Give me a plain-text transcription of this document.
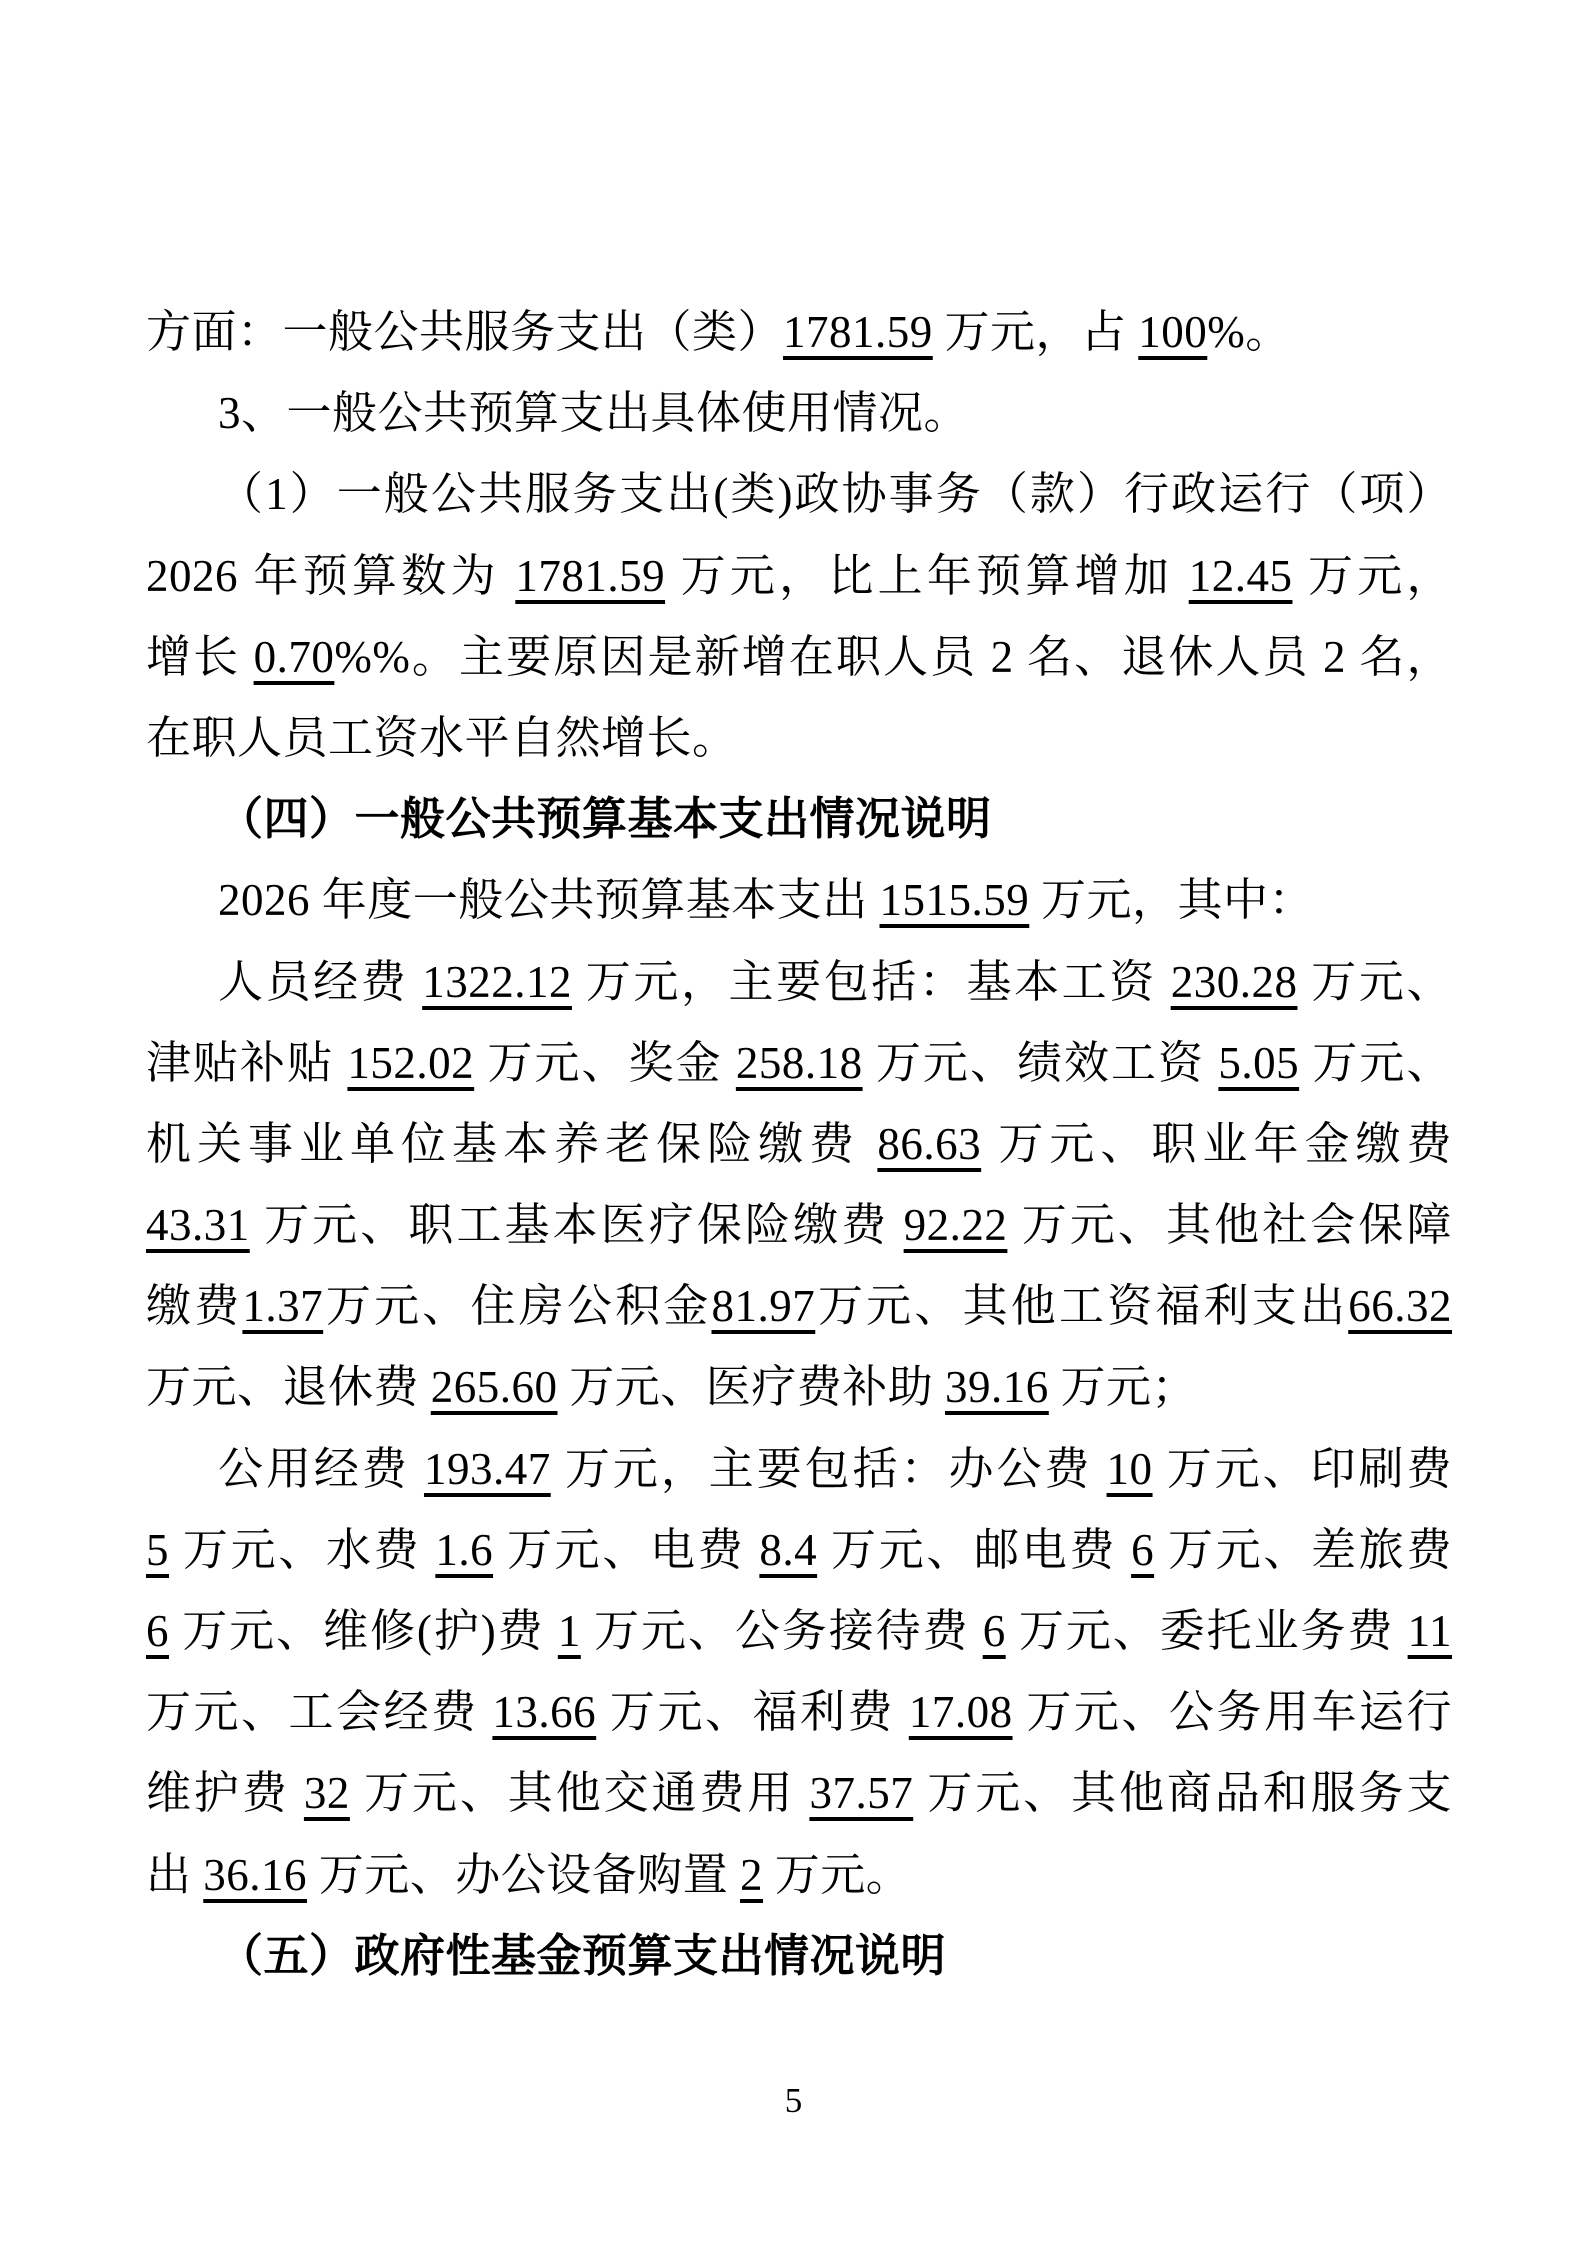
方面：一般公共服务支出（类）1781.59 万元，占 100%。
3、一般公共预算支出具体使用情况。
（1）一般公共服务支出(类)政协事务（款）行政运行（项）
2026 年预算数为 1781.59 万元，比上年预算增加 12.45 万元，
增长 0.70%%。主要原因是新增在职人员 2 名、退休人员 2 名，
在职人员工资水平自然增长。
（四）一般公共预算基本支出情况说明
2026 年度一般公共预算基本支出 1515.59 万元，其中：
人员经费 1322.12 万元，主要包括：基本工资 230.28 万元、
津贴补贴 152.02 万元、奖金 258.18 万元、绩效工资 5.05 万元、
机关事业单位基本养老保险缴费 86.63 万元、职业年金缴费
43.31 万元、职工基本医疗保险缴费 92.22 万元、其他社会保障
缴费1.37万元、住房公积金81.97万元、其他工资福利支出66.32
万元、退休费 265.60 万元、医疗费补助 39.16 万元；
公用经费 193.47 万元，主要包括：办公费 10 万元、印刷费
5 万元、水费 1.6 万元、电费 8.4 万元、邮电费 6 万元、差旅费
6 万元、维修(护)费 1 万元、公务接待费 6 万元、委托业务费 11
万元、工会经费 13.66 万元、福利费 17.08 万元、公务用车运行
维护费 32 万元、其他交通费用 37.57 万元、其他商品和服务支
出 36.16 万元、办公设备购置 2 万元。
（五）政府性基金预算支出情况说明
5
